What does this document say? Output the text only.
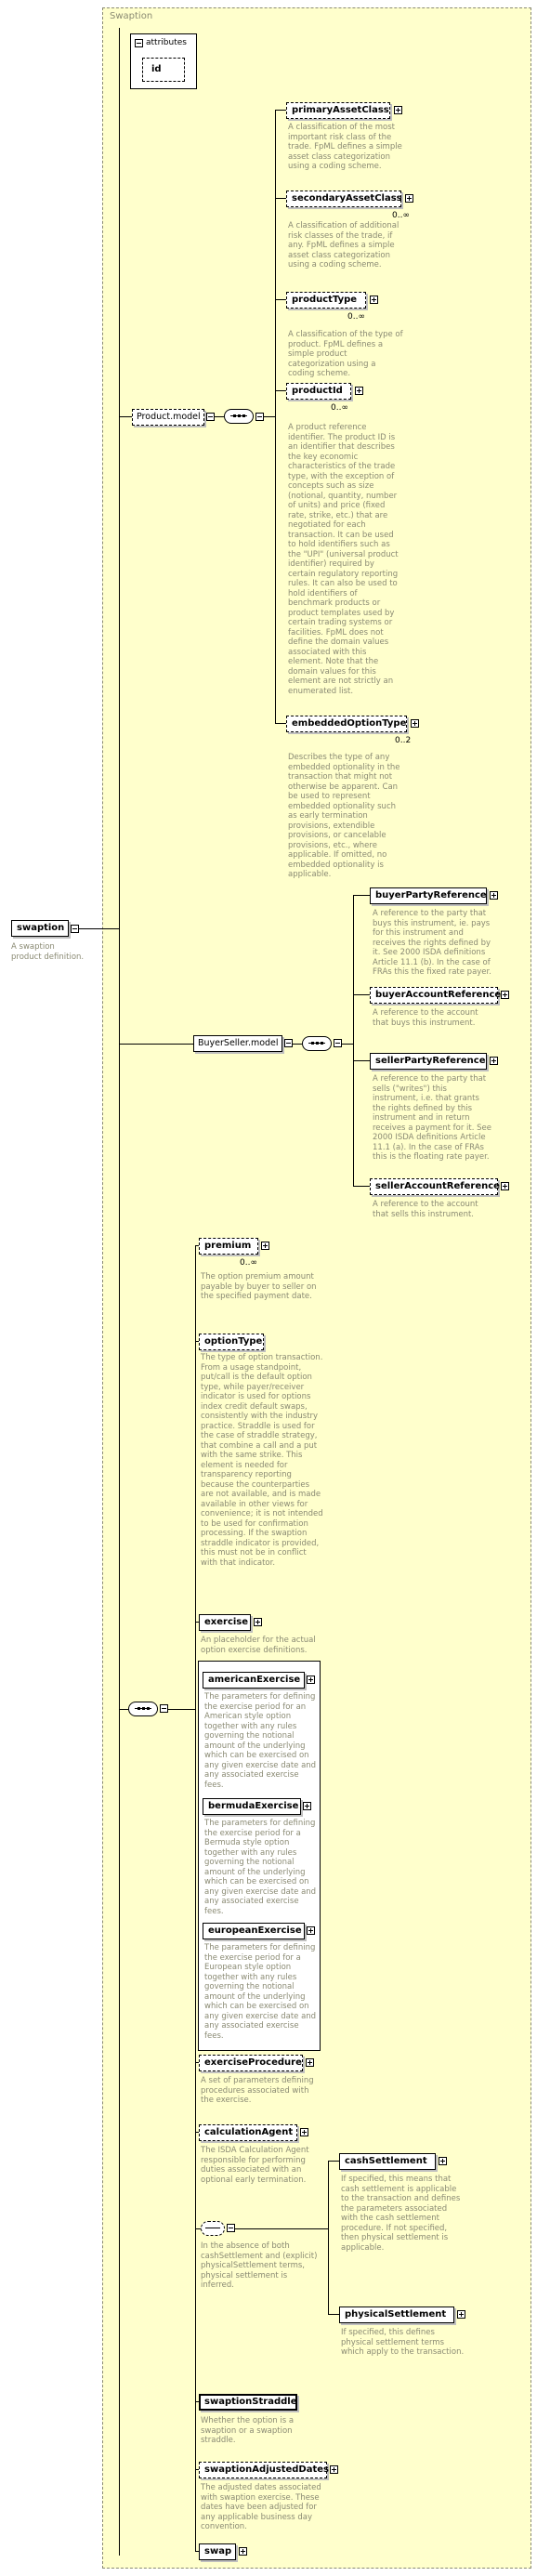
Swaption
attributes
id
swaption
A swaption product definition.
Product.model
primaryAssetClass
A classification of the most important risk class of the trade. FpML defines a simple asset class categorization using a coding scheme.
secondaryAssetClass
0..∞
A classification of additional risk classes of the trade, if any. FpML defines a simple asset class categorization using a coding scheme.
productType
0..∞
A classification of the type of product. FpML defines a simple product categorization using a coding scheme.
productId
0..∞
A product reference identifier. The product ID is an identifier that describes the key economic characteristics of the trade type, with the exception of concepts such as size (notional, quantity, number of units) and price (fixed rate, strike, etc.) that are negotiated for each transaction. It can be used to hold identifiers such as the "UPI" (universal product identifier) required by certain regulatory reporting rules. It can also be used to hold identifiers of benchmark products or product templates used by certain trading systems or facilities. FpML does not define the domain values associated with this element. Note that the domain values for this element are not strictly an enumerated list.
embeddedOptionType
0..2
Describes the type of any embedded optionality in the transaction that might not otherwise be apparent. Can be used to represent embedded optionality such as early termination provisions, extendible provisions, or cancelable provisions, etc., where applicable. If omitted, no embedded optionality is applicable.
BuyerSeller.model
buyerPartyReference
A reference to the party that buys this instrument, ie. pays for this instrument and receives the rights defined by it. See 2000 ISDA definitions Article 11.1 (b). In the case of FRAs this the fixed rate payer.
buyerAccountReference
A reference to the account that buys this instrument.
sellerPartyReference
A reference to the party that sells ("writes") this instrument, i.e. that grants the rights defined by this instrument and in return receives a payment for it. See 2000 ISDA definitions Article 11.1 (a). In the case of FRAs this is the floating rate payer.
sellerAccountReference
A reference to the account that sells this instrument.
premium
0..∞
The option premium amount payable by buyer to seller on the specified payment date.
optionType
The type of option transaction. From a usage standpoint, put/call is the default option type, while payer/receiver indicator is used for options index credit default swaps, consistently with the industry practice. Straddle is used for the case of straddle strategy, that combine a call and a put with the same strike. This element is needed for transparency reporting because the counterparties are not available, and is made available in other views for convenience; it is not intended to be used for confirmation processing. If the swaption straddle indicator is provided, this must not be in conflict with that indicator.
exercise
An placeholder for the actual option exercise definitions.
americanExercise
The parameters for defining the exercise period for an American style option together with any rules governing the notional amount of the underlying which can be exercised on any given exercise date and any associated exercise fees.
bermudaExercise
The parameters for defining the exercise period for a Bermuda style option together with any rules governing the notional amount of the underlying which can be exercised on any given exercise date and any associated exercise fees.
europeanExercise
The parameters for defining the exercise period for a European style option together with any rules governing the notional amount of the underlying which can be exercised on any given exercise date and any associated exercise fees.
exerciseProcedure
A set of parameters defining procedures associated with the exercise.
calculationAgent
The ISDA Calculation Agent responsible for performing duties associated with an optional early termination.
In the absence of both cashSettlement and (explicit) physicalSettlement terms, physical settlement is inferred.
cashSettlement
If specified, this means that cash settlement is applicable to the transaction and defines the parameters associated with the cash settlement procedure. If not specified, then physical settlement is applicable.
physicalSettlement
If specified, this defines physical settlement terms which apply to the transaction.
swaptionStraddle
Whether the option is a swaption or a swaption straddle.
swaptionAdjustedDates
The adjusted dates associated with swaption exercise. These dates have been adjusted for any applicable business day convention.
swap
